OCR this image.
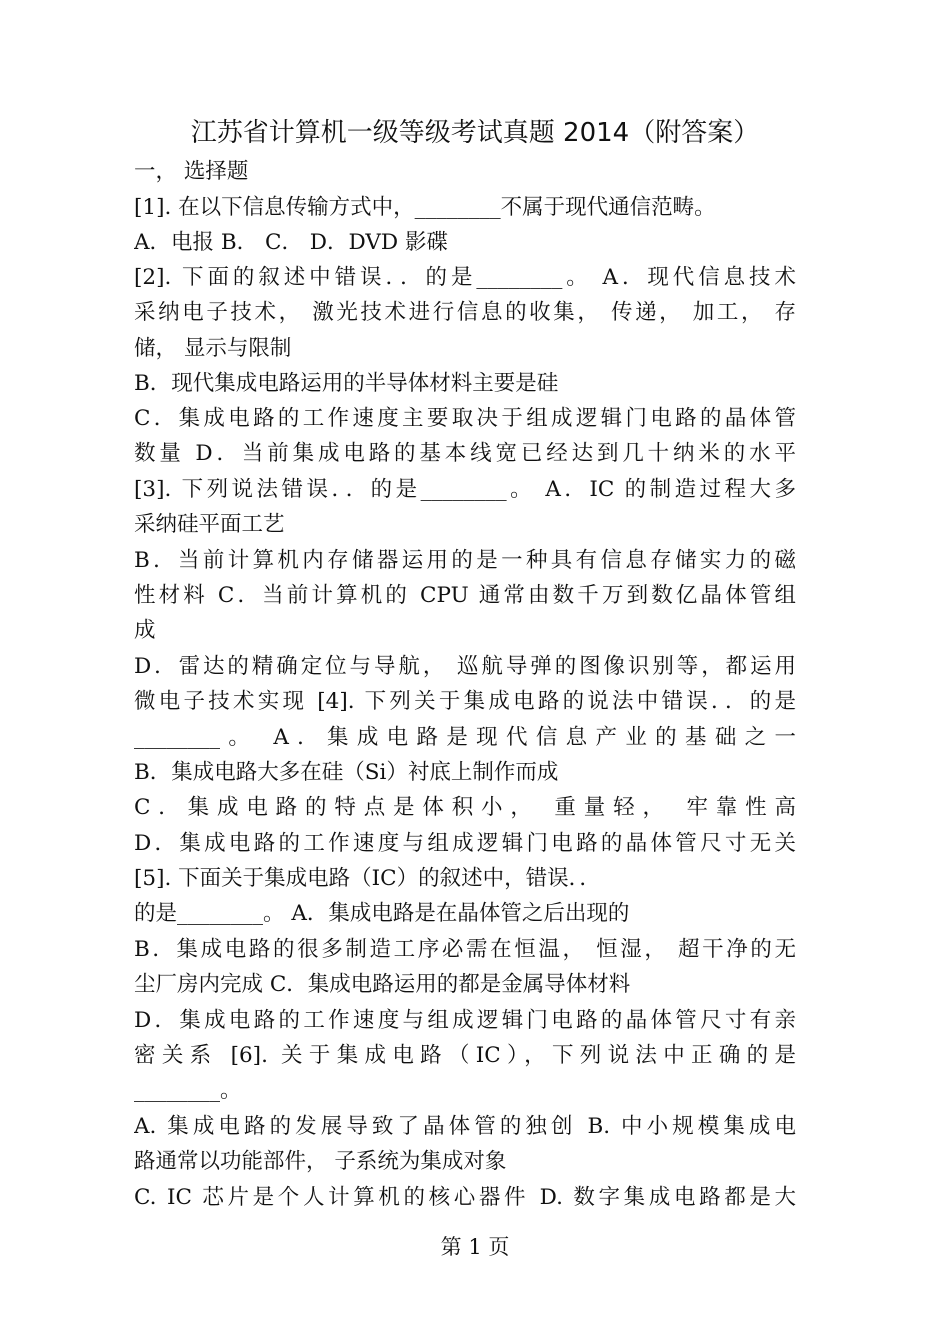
江苏省计算机一级等级考试真题 2014（附答案）
一， 选择题
[1]. 在以下信息传输方式中，________不属于现代通信范畴。
A．电报 B． C． D．DVD 影碟
[2]. 下面的叙述中错误．．的是________。 A．现代信息技术
采纳电子技术， 激光技术进行信息的收集， 传递， 加工， 存
储， 显示与限制
B．现代集成电路运用的半导体材料主要是硅
C．集成电路的工作速度主要取决于组成逻辑门电路的晶体管
数量 D．当前集成电路的基本线宽已经达到几十纳米的水平
[3]. 下列说法错误．．的是________。 A．IC 的制造过程大多
采纳硅平面工艺
B．当前计算机内存储器运用的是一种具有信息存储实力的磁
性材料 C．当前计算机的 CPU 通常由数千万到数亿晶体管组
成
D．雷达的精确定位与导航， 巡航导弹的图像识别等，都运用
微电子技术实现 [4]. 下列关于集成电路的说法中错误．．的是
________。 A．集成电路是现代信息产业的基础之一
B．集成电路大多在硅（Si）衬底上制作而成
C．集成电路的特点是体积小， 重量轻， 牢靠性高
D．集成电路的工作速度与组成逻辑门电路的晶体管尺寸无关
[5]. 下面关于集成电路（IC）的叙述中，错误．．
的是________。 A．集成电路是在晶体管之后出现的
B．集成电路的很多制造工序必需在恒温， 恒湿， 超干净的无
尘厂房内完成 C．集成电路运用的都是金属导体材料
D．集成电路的工作速度与组成逻辑门电路的晶体管尺寸有亲
密关系 [6]. 关于集成电路（IC），下列说法中正确的是
________。
A. 集成电路的发展导致了晶体管的独创 B. 中小规模集成电
路通常以功能部件， 子系统为集成对象
C. IC 芯片是个人计算机的核心器件 D. 数字集成电路都是大
第 1 页
